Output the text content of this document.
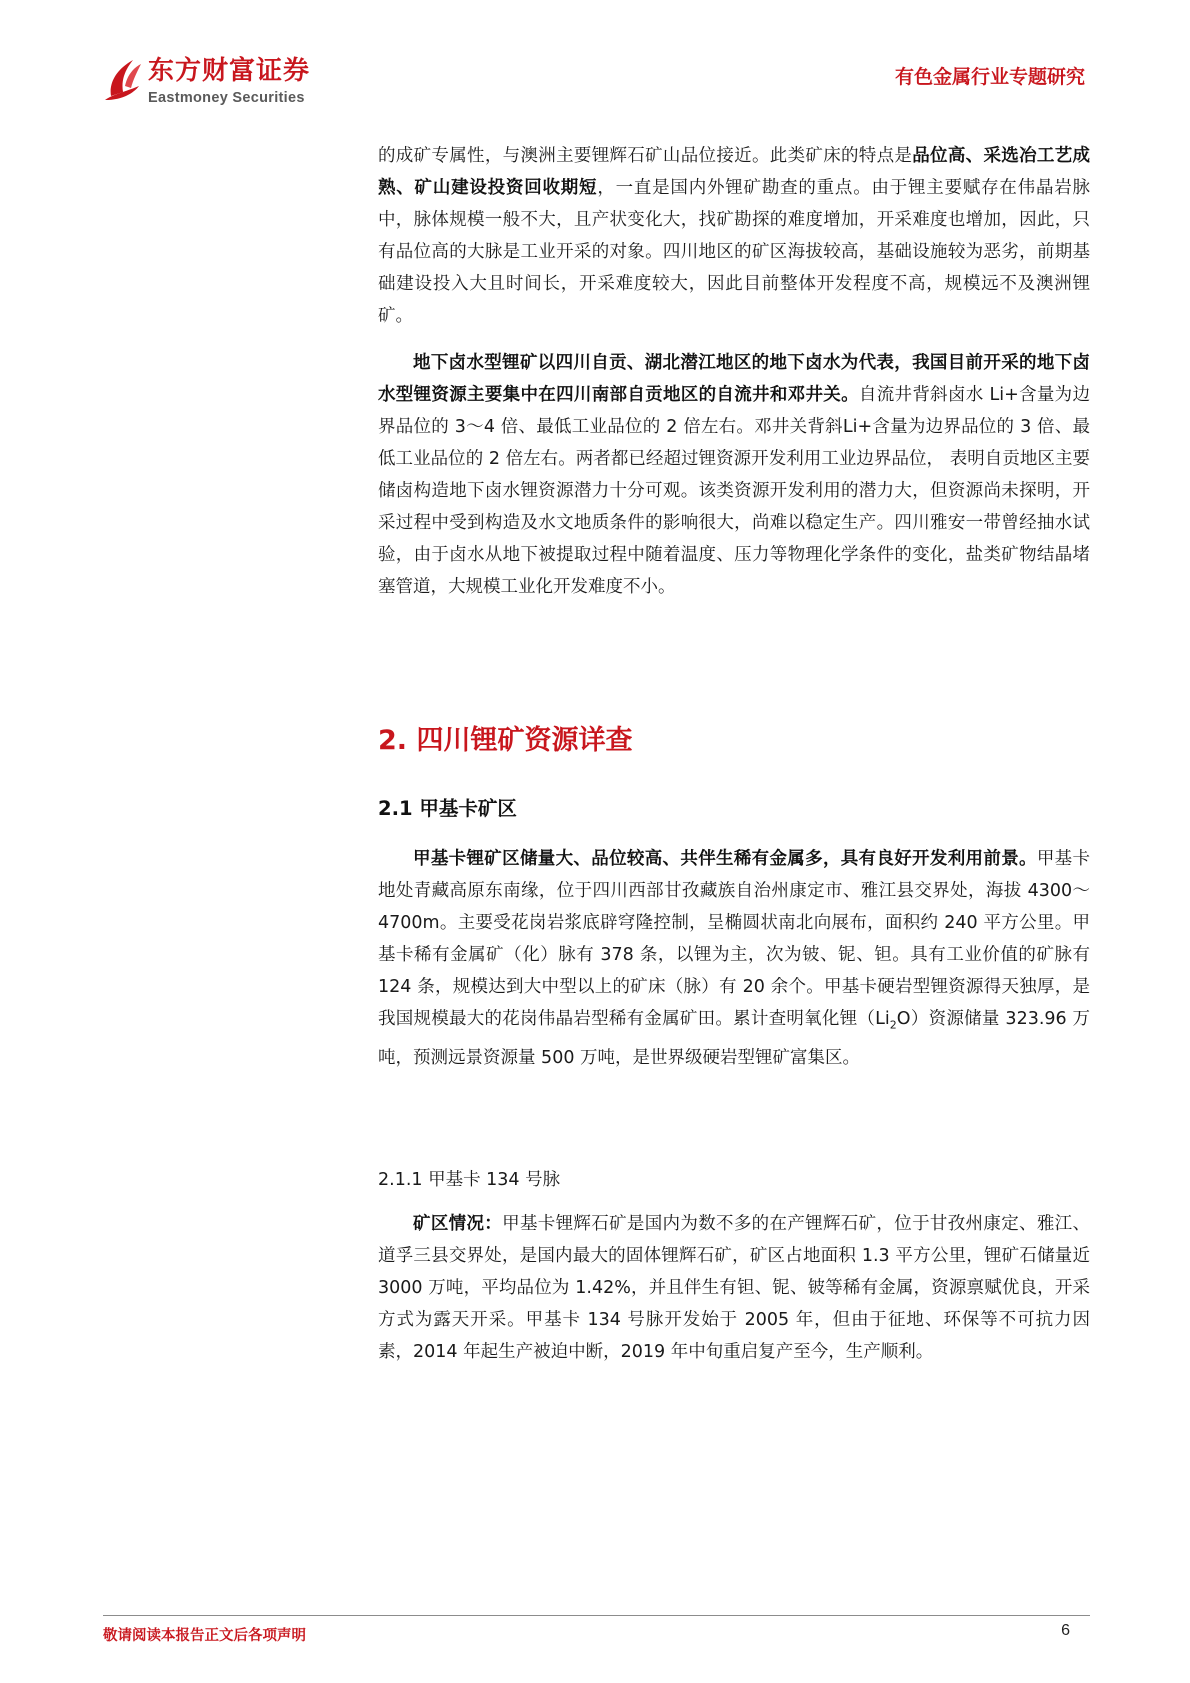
东方财富证券
Eastmoney Securities
有色金属行业专题研究

的成矿专属性，与澳洲主要锂辉石矿山品位接近。此类矿床的特点是品位高、采选冶工艺成熟、矿山建设投资回收期短，一直是国内外锂矿勘查的重点。由于锂主要赋存在伟晶岩脉中，脉体规模一般不大，且产状变化大，找矿勘探的难度增加，开采难度也增加，因此，只有品位高的大脉是工业开采的对象。四川地区的矿区海拔较高，基础设施较为恶劣，前期基础建设投入大且时间长，开采难度较大，因此目前整体开发程度不高，规模远不及澳洲锂矿。

地下卤水型锂矿以四川自贡、湖北潜江地区的地下卤水为代表，我国目前开采的地下卤水型锂资源主要集中在四川南部自贡地区的自流井和邓井关。自流井背斜卤水 Li+含量为边界品位的 3～4 倍、最低工业品位的 2 倍左右。邓井关背斜Li+含量为边界品位的 3 倍、最低工业品位的 2 倍左右。两者都已经超过锂资源开发利用工业边界品位， 表明自贡地区主要储卤构造地下卤水锂资源潜力十分可观。该类资源开发利用的潜力大，但资源尚未探明，开采过程中受到构造及水文地质条件的影响很大，尚难以稳定生产。四川雅安一带曾经抽水试验，由于卤水从地下被提取过程中随着温度、压力等物理化学条件的变化，盐类矿物结晶堵塞管道，大规模工业化开发难度不小。

2. 四川锂矿资源详查
2.1 甲基卡矿区

甲基卡锂矿区储量大、品位较高、共伴生稀有金属多，具有良好开发利用前景。甲基卡地处青藏高原东南缘，位于四川西部甘孜藏族自治州康定市、雅江县交界处，海拔 4300～4700m。主要受花岗岩浆底辟穹隆控制，呈椭圆状南北向展布，面积约 240 平方公里。甲基卡稀有金属矿（化）脉有 378 条，以锂为主，次为铍、铌、钽。具有工业价值的矿脉有 124 条，规模达到大中型以上的矿床（脉）有 20 余个。甲基卡硬岩型锂资源得天独厚，是我国规模最大的花岗伟晶岩型稀有金属矿田。累计查明氧化锂$(Li_2O)$资源储量 323.96 万吨，预测远景资源量 500 万吨，是世界级硬岩型锂矿富集区。

2.1.1 甲基卡 134 号脉

矿区情况：甲基卡锂辉石矿是国内为数不多的在产锂辉石矿，位于甘孜州康定、雅江、道孚三县交界处，是国内最大的固体锂辉石矿，矿区占地面积 1.3 平方公里，锂矿石储量近 3000 万吨，平均品位为 1.42%，并且伴生有钽、铌、铍等稀有金属，资源禀赋优良，开采方式为露天开采。甲基卡 134 号脉开发始于 2005 年，但由于征地、环保等不可抗力因素，2014 年起生产被迫中断，2019 年中旬重启复产至今，生产顺利。

敬请阅读本报告正文后各项声明	6
